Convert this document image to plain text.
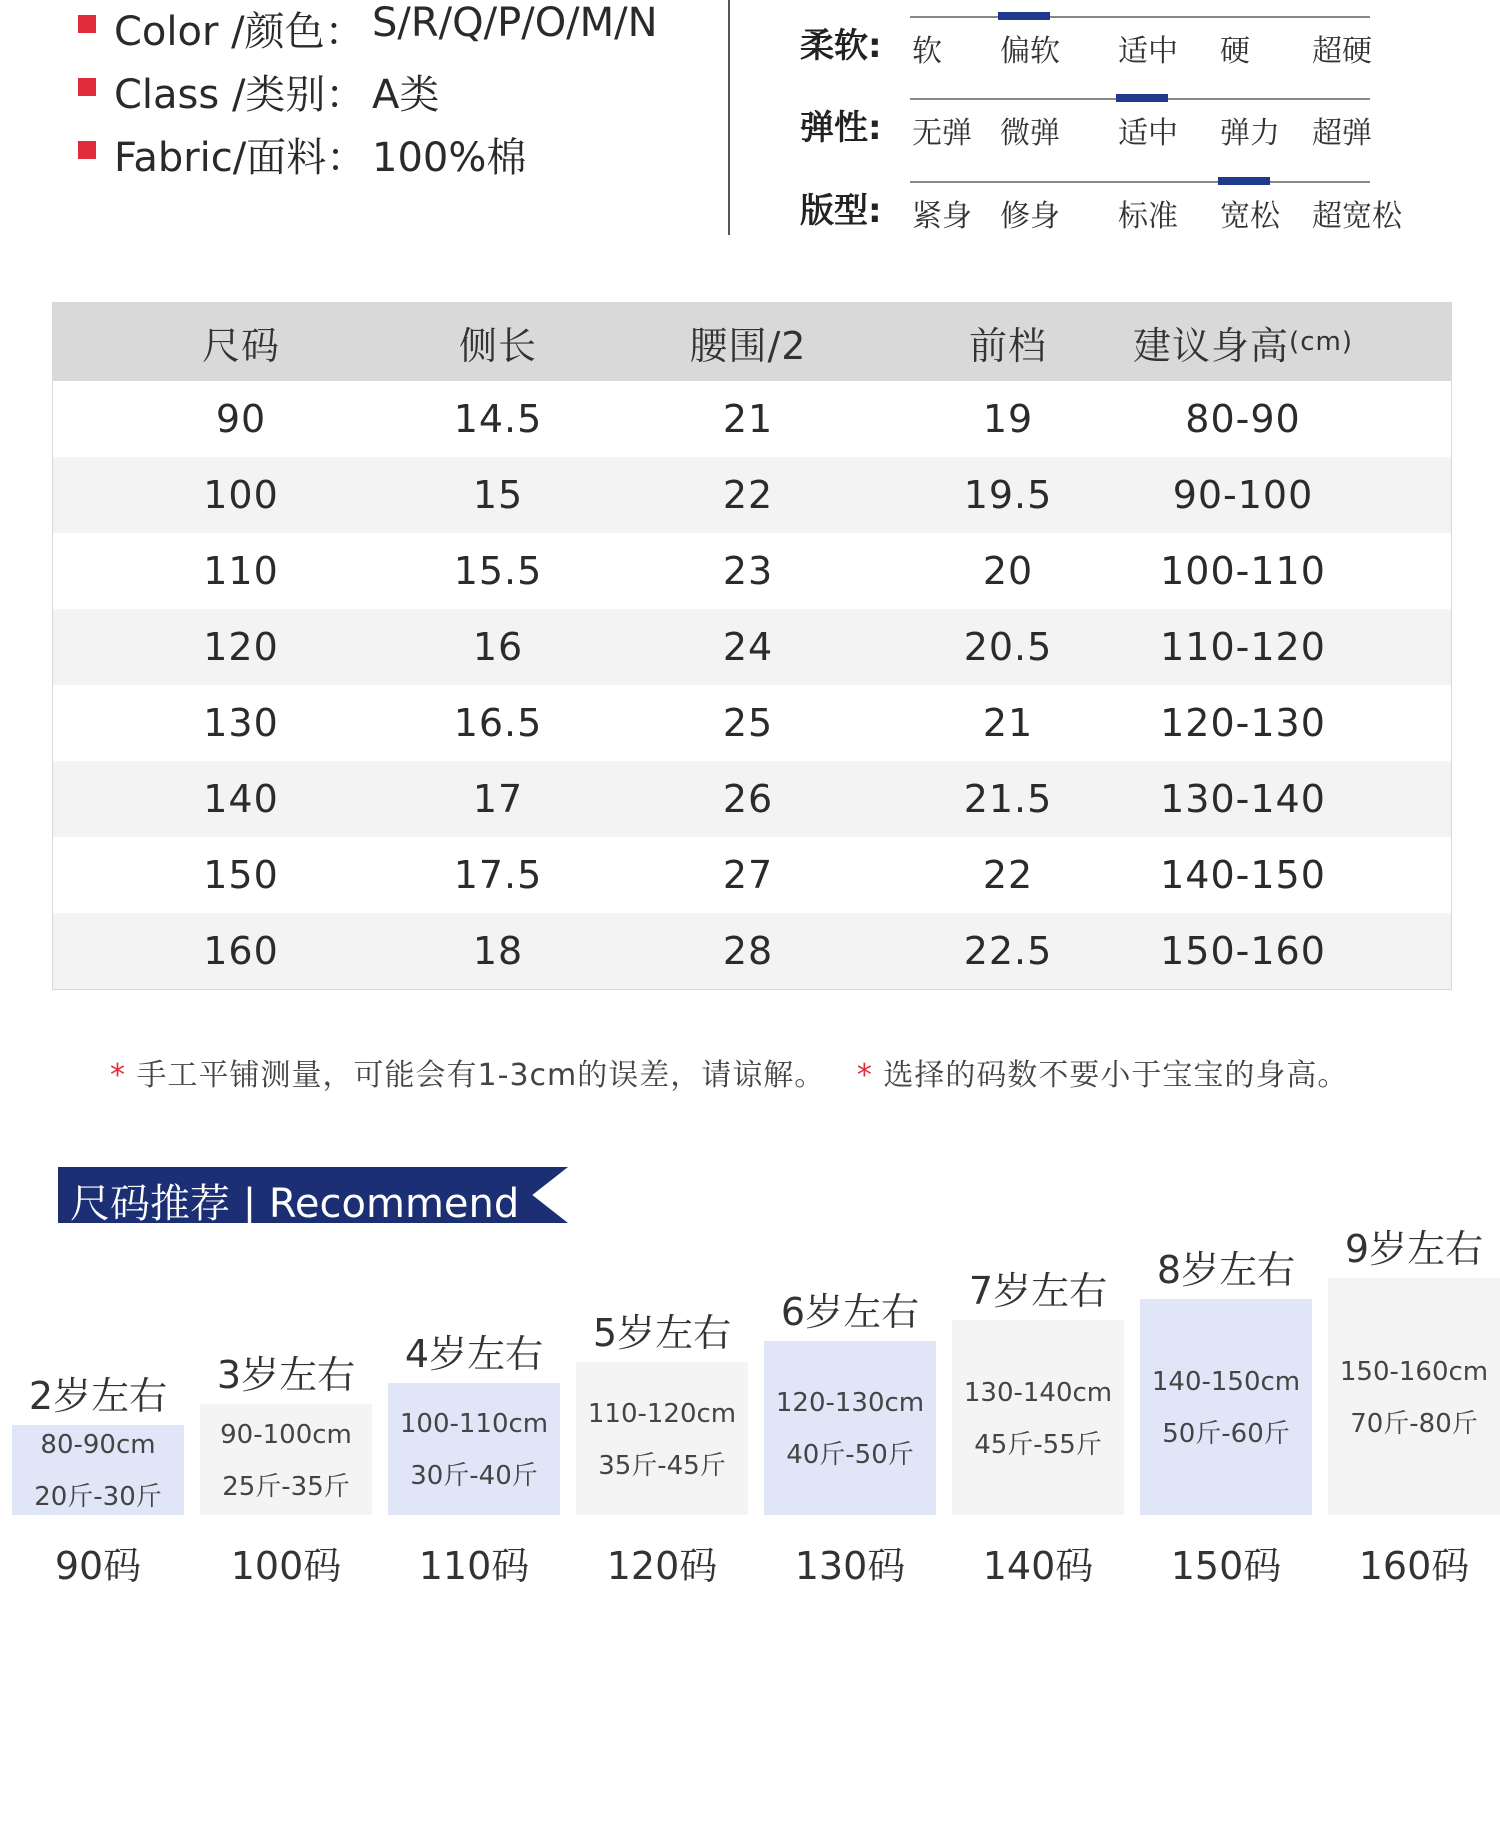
Color /颜色： S/R/Q/P/O/M/N
Class /类别： A类
Fabric/面料： 100%棉
柔软: 软 偏软 适中 硬 超硬
弹性: 无弹 微弹 适中 弹力 超弹
版型: 紧身 修身 标准 宽松 超宽松
尺码	侧长	腰围/2	前档	建议身高 (cm)
90	14.5	21	19	80-90
100	15	22	19.5	90-100
110	15.5	23	20	100-110
120	16	24	20.5	110-120
130	16.5	25	21	120-130
140	17	26	21.5	130-140
150	17.5	27	22	140-150
160	18	28	22.5	150-160
* 手工平铺测量，可能会有1-3cm的误差，请谅解。 * 选择的码数不要小于宝宝的身高。
尺码推荐 | Recommend
2岁左右
80-90cm
20斤-30斤
90码
3岁左右
90-100cm
25斤-35斤
100码
4岁左右
100-110cm
30斤-40斤
110码
5岁左右
110-120cm
35斤-45斤
120码
6岁左右
120-130cm
40斤-50斤
130码
7岁左右
130-140cm
45斤-55斤
140码
8岁左右
140-150cm
50斤-60斤
150码
9岁左右
150-160cm
70斤-80斤
160码
